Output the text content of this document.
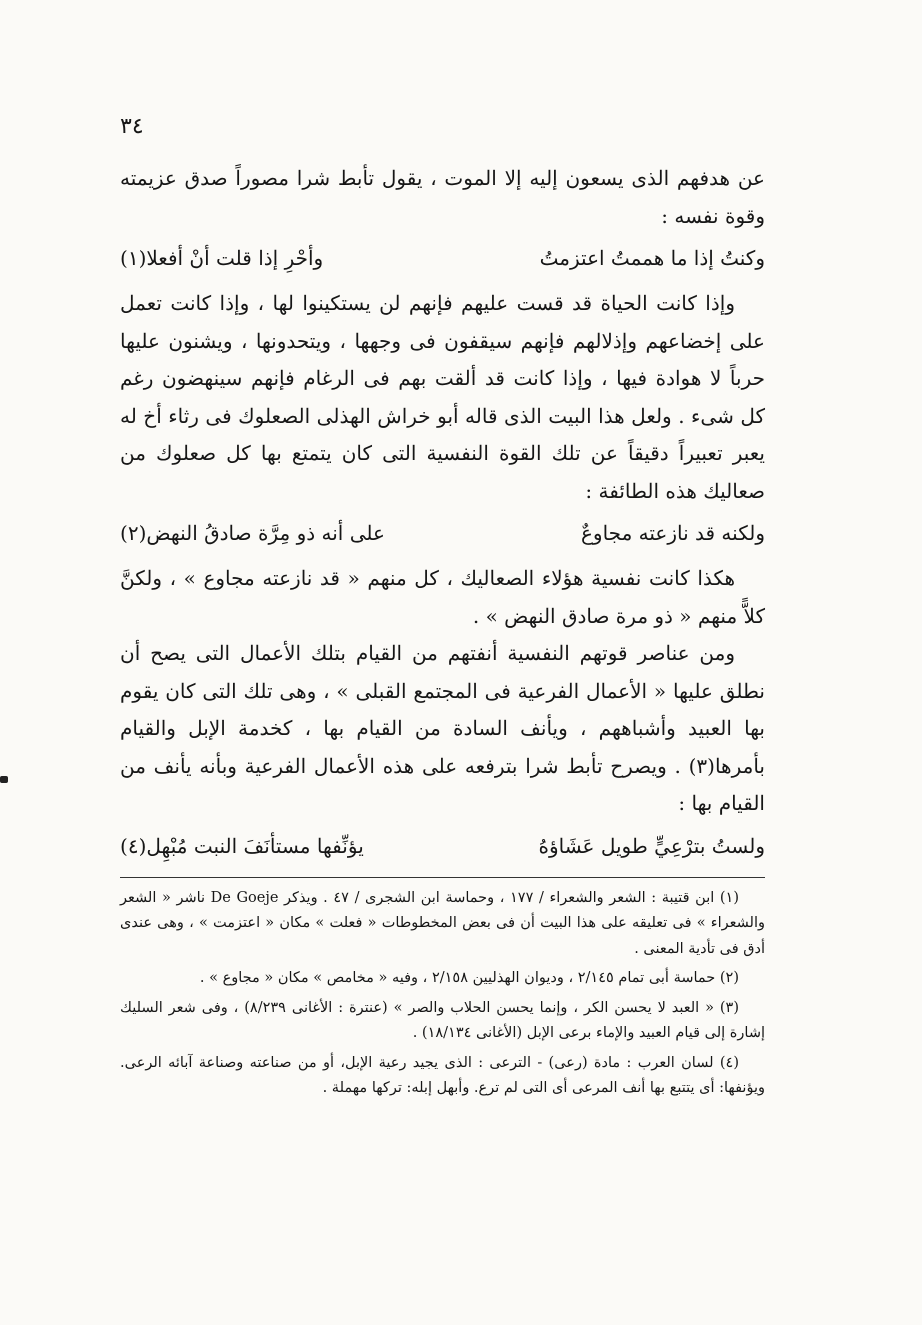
٣٤

عن هدفهم الذى يسعون إليه إلا الموت ، يقول تأبط شرا مصوراً صدق عزيمته وقوة نفسه :

وكنتُ إذا ما هممتُ اعتزمتُ
وأحْرِ إذا قلت أنْ أفعلا(١)

وإذا كانت الحياة قد قست عليهم فإنهم لن يستكينوا لها ، وإذا كانت تعمل على إخضاعهم وإذلالهم فإنهم سيقفون فى وجهها ، ويتحدونها ، ويشنون عليها حرباً لا هوادة فيها ، وإذا كانت قد ألقت بهم فى الرغام فإنهم سينهضون رغم كل شىء . ولعل هذا البيت الذى قاله أبو خراش الهذلى الصعلوك فى رثاء أخ له يعبر تعبيراً دقيقاً عن تلك القوة النفسية التى كان يتمتع بها كل صعلوك من صعاليك هذه الطائفة :

ولكنه قد نازعته مجاوعٌ
على أنه ذو مِرَّة صادقُ النهض(٢)

هكذا كانت نفسية هؤلاء الصعاليك ، كل منهم « قد نازعته مجاوع » ، ولكنَّ كلاًّ منهم « ذو مرة صادق النهض » .

ومن عناصر قوتهم النفسية أنفتهم من القيام بتلك الأعمال التى يصح أن نطلق عليها « الأعمال الفرعية فى المجتمع القبلى » ، وهى تلك التى كان يقوم بها العبيد وأشباههم ، ويأنف السادة من القيام بها ، كخدمة الإبل والقيام بأمرها(٣) . ويصرح تأبط شرا بترفعه على هذه الأعمال الفرعية وبأنه يأنف من القيام بها :

ولستُ بترْعِيٍّ طويل عَشَاؤهُ
يؤنِّفها مستأنَفَ النبت مُبْهِل(٤)

(١) ابن قتيبة : الشعر والشعراء / ١٧٧ ، وحماسة ابن الشجرى / ٤٧ . ويذكر De Goeje ناشر « الشعر والشعراء » فى تعليقه على هذا البيت أن فى بعض المخطوطات « فعلت » مكان « اعتزمت » ، وهى عندى أدق فى تأدية المعنى .

(٢) حماسة أبى تمام ٢/١٤٥ ، وديوان الهذليين ٢/١٥٨ ، وفيه « مخامص » مكان « مجاوع » .

(٣) « العبد لا يحسن الكر ، وإنما يحسن الحلاب والصر » (عنترة : الأغانى ٨/٢٣٩) ، وفى شعر السليك إشارة إلى قيام العبيد والإماء برعى الإبل (الأغانى ١٨/١٣٤) .

(٤) لسان العرب : مادة (رعى) - الترعى : الذى يجيد رعية الإبل، أو من صناعته وصناعة آبائه الرعى. ويؤنفها: أى يتتبع بها أنف المرعى أى التى لم ترع. وأبهل إبله: تركها مهملة .
